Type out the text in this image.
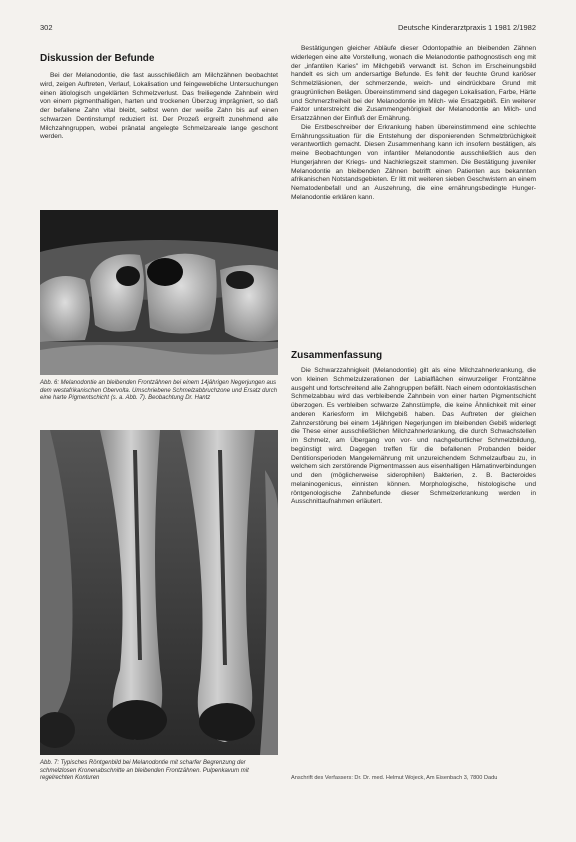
302	Deutsche Kinderarztpraxis 1 1981 2/1982
Diskussion der Befunde

Bei der Melanodontie, die fast ausschließlich am Milchzähnen beobachtet wird, zeigen Auftreten, Verlauf, Lokalisation und feingewebliche Untersuchungen einen ätiologisch ungeklärten Schmelzverlust. Das freiliegende Zahnbein wird von einem pigmenthaltigen, harten und trockenen Überzug imprägniert, so daß der befallene Zahn vital bleibt, selbst wenn der weiße Zahn bis auf einen schwarzen Dentinstumpf reduziert ist. Der Prozeß ergreift zunehmend alle Milchzahngruppen, wobei pränatal angelegte Schmelzareale lange geschont werden.

Abb. 6: Melanodontie an bleibenden Frontzähnen bei einem 14jährigen Negerjungen aus dem westafrikanischen Obervolta. Umschriebene Schmelzabbruchzone und Ersatz durch eine harte Pigmentschicht (s. a. Abb. 7). Beobachtung Dr. Hantz
Abb. 7: Typisches Röntgenbild bei Melanodontie mit scharfer Begrenzung der schmelzlosen Kronenabschnitte an bleibenden Frontzähnen. Pulpenkavum mit regelrechten Konturen

Bestätigungen gleicher Abläufe dieser Odontopathie an bleibenden Zähnen widerlegen eine alte Vorstellung, wonach die Melanodontie pathognostisch eng mit der „infantilen Karies" im Milchgebiß verwandt ist. Schon im Erscheinungsbild handelt es sich um andersartige Befunde. Es fehlt der feuchte Grund kariöser Schmelzläsionen, der schmerzende, weich- und eindrückbare Grund mit graugrünlichen Belägen. Übereinstimmend sind dagegen Lokalisation, Farbe, Härte und Schmerzfreiheit bei der Melanodontie im Milch- wie Ersatzgebiß. Ein weiterer Faktor unterstreicht die Zusammengehörigkeit der Melanodontie an Milch- und Ersatzzähnen der Einfluß der Ernährung.

Die Erstbeschreiber der Erkrankung haben übereinstimmend eine schlechte Ernährungssituation für die Entstehung der disponierenden Schmelzbrüchigkeit verantwortlich gemacht. Diesen Zusammenhang kann ich insofern bestätigen, als meine Beobachtungen von infantiler Melanodontie ausschließlich aus den Hungerjahren der Kriegs- und Nachkriegszeit stammen. Die Bestätigung juveniler Melanodontie an bleibenden Zähnen betrifft einen Patienten aus bekannten afrikanischen Notstandsgebieten. Er litt mit weiteren sieben Geschwistern an einem Nematodenbefall und an Auszehrung, die eine ernährungsbedingte Hunger-Melanodontie erklären kann.

Zusammenfassung

Die Schwarzzahnigkeit (Melanodontie) gilt als eine Milchzahnerkrankung, die von kleinen Schmelzulzerationen der Labialflächen einwurzeliger Frontzähne ausgeht und fortschreitend alle Zahngruppen befällt. Nach einem odontoklastischen Schmelzabbau wird das verbleibende Zahnbein von einer harten Pigmentschicht überzogen. Es verbleiben schwarze Zahnstümpfe, die keine Ähnlichkeit mit einer anderen Kariesform im Milchgebiß haben. Das Auftreten der gleichen Zahnzerstörung bei einem 14jährigen Negerjungen im bleibenden Gebiß widerlegt die These einer ausschließlichen Milchzahnerkrankung, die durch Schwachstellen im Schmelz, am Übergang von vor- und nachgeburtlicher Schmelzbildung, begünstigt wird. Dagegen treffen für die befallenen Probanden beider Dentitionsperioden Mangelernährung mit unzureichendem Schmelzaufbau zu, in welchem sich zerstörende Pigmentmassen aus eisenhaltigen Hämatinverbindungen und den (möglicherweise siderophilen) Bakterien, z. B. Bacteroides melaninogenicus, einnisten können. Morphologische, histologische und röntgenologische Zahnbefunde dieser Schmelzerkrankung werden in Ausschnittaufnahmen erläutert.

Anschrift des Verfassers: Dr. Dr. med. Helmut Wojeck, Am Eisenbach 3, 7800 Dadu
